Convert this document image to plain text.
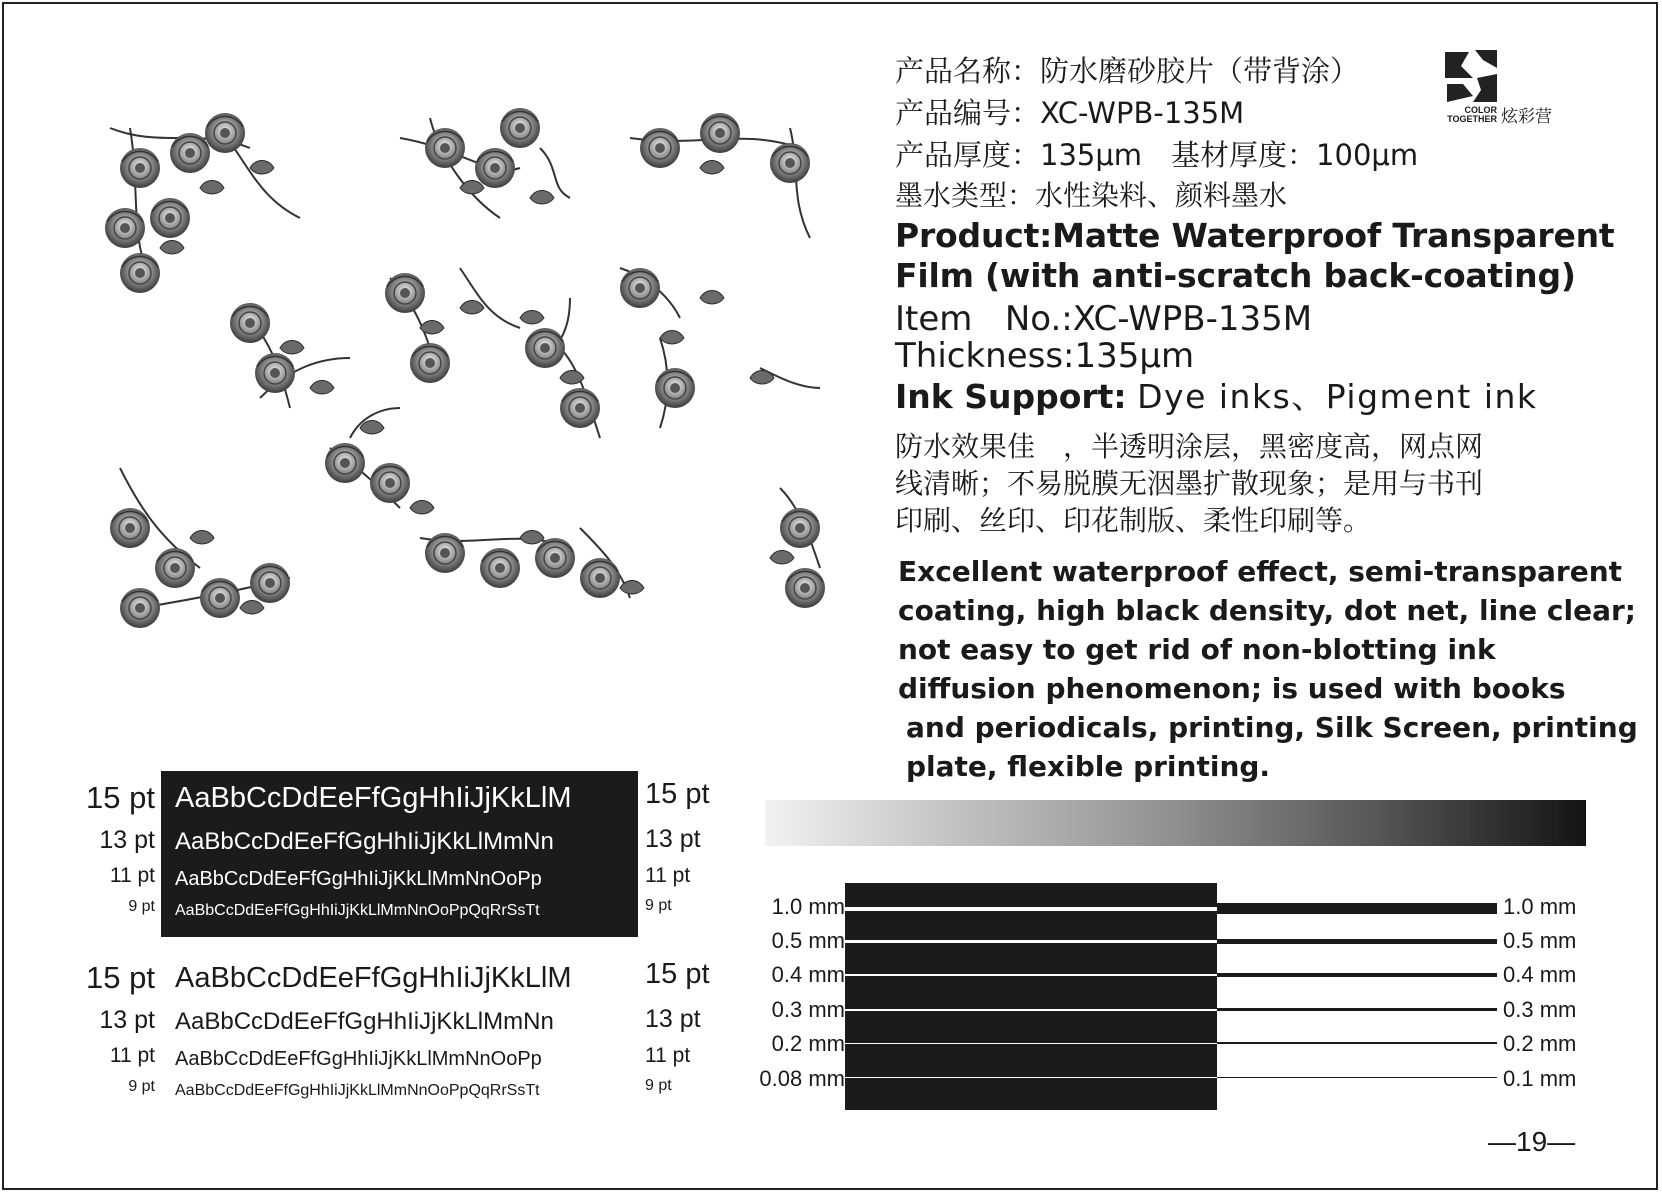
COLOR
TOGETHER 炫彩营
产品名称：防水磨砂胶片（带背涂）
产品编号：XC-WPB-135M
产品厚度：135μm　基材厚度：100μm
墨水类型：水性染料、颜料墨水
Product:Matte Waterproof Transparent
Film (with anti-scratch back-coating)
Item   No.:XC-WPB-135M
Thickness:135μm
Ink Support: Dye inks、Pigment ink
防水效果佳　，半透明涂层，黑密度高，网点网
线清晰；不易脱膜无洇墨扩散现象；是用与书刊
印刷、丝印、印花制版、柔性印刷等。
Excellent waterproof effect, semi-transparent
coating, high black density, dot net, line clear;
not easy to get rid of non-blotting ink
diffusion phenomenon; is used with books
and periodicals, printing, Silk Screen, printing
plate, flexible printing.
15 pt AaBbCcDdEeFfGgHhIiJjKkLlM	15 pt
13 pt AaBbCcDdEeFfGgHhIiJjKkLlMmNn	13 pt
11 pt AaBbCcDdEeFfGgHhIiJjKkLlMmNnOoPp	11 pt
9 pt AaBbCcDdEeFfGgHhIiJjKkLlMmNnOoPpQqRrSsTt	9 pt
15 pt AaBbCcDdEeFfGgHhIiJjKkLlM	15 pt
13 pt AaBbCcDdEeFfGgHhIiJjKkLlMmNn	13 pt
11 pt AaBbCcDdEeFfGgHhIiJjKkLlMmNnOoPp	11 pt
9 pt AaBbCcDdEeFfGgHhIiJjKkLlMmNnOoPpQqRrSsTt	9 pt
1.0 mm
0.5 mm
0.4 mm
0.3 mm
0.2 mm
0.08 mm
1.0 mm
0.5 mm
0.4 mm
0.3 mm
0.2 mm
0.1 mm
—19—
